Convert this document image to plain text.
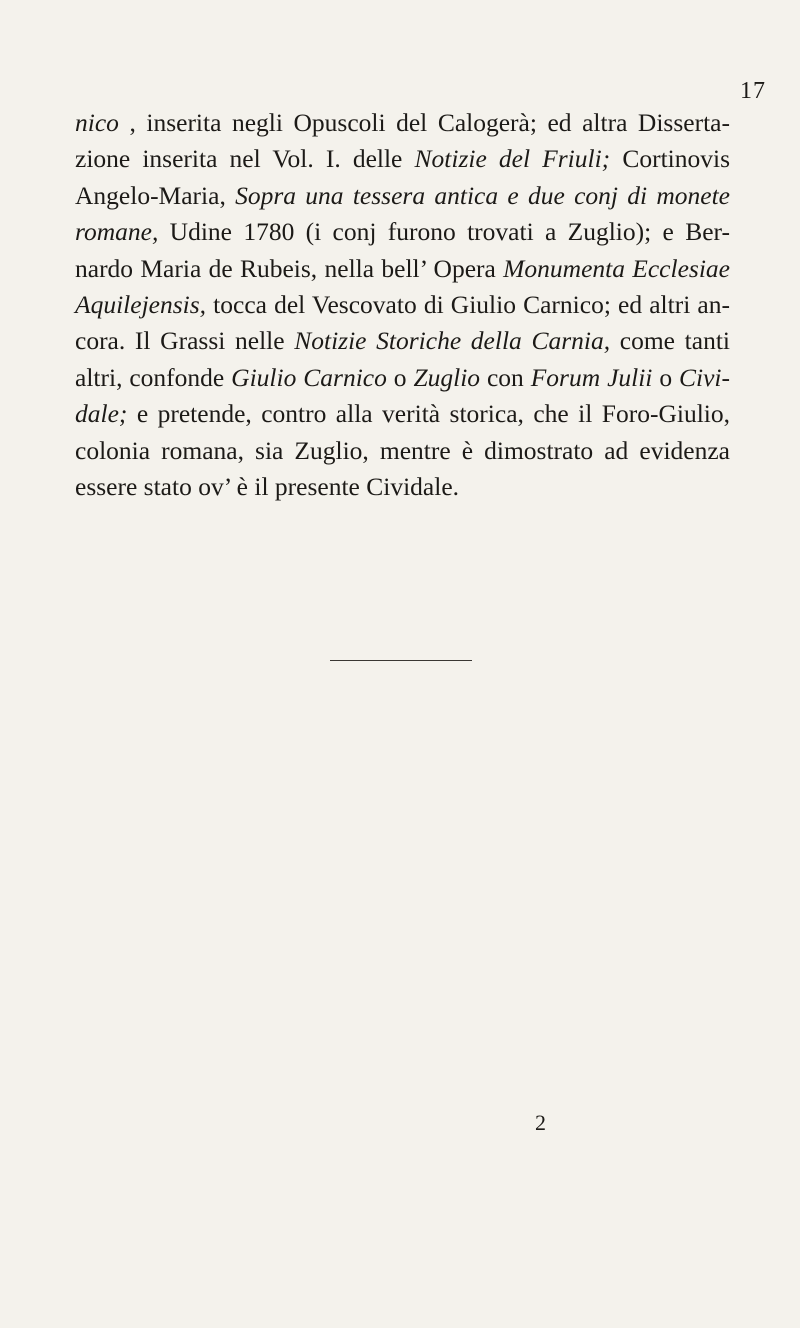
17
nico , inserita negli Opuscoli del Calogerà; ed altra Disserta-
zione inserita nel Vol. I. delle Notizie del Friuli; Cortinovis
Angelo-Maria, Sopra una tessera antica e due conj di monete
romane, Udine 1780 (i conj furono trovati a Zuglio); e Ber-
nardo Maria de Rubeis, nella bell’ Opera Monumenta Ecclesiae
Aquilejensis, tocca del Vescovato di Giulio Carnico; ed altri an-
cora. Il Grassi nelle Notizie Storiche della Carnia, come tanti
altri, confonde Giulio Carnico o Zuglio con Forum Julii o Civi-
dale; e pretende, contro alla verità storica, che il Foro-Giulio,
colonia romana, sia Zuglio, mentre è dimostrato ad evidenza
essere stato ov’ è il presente Cividale.
2
